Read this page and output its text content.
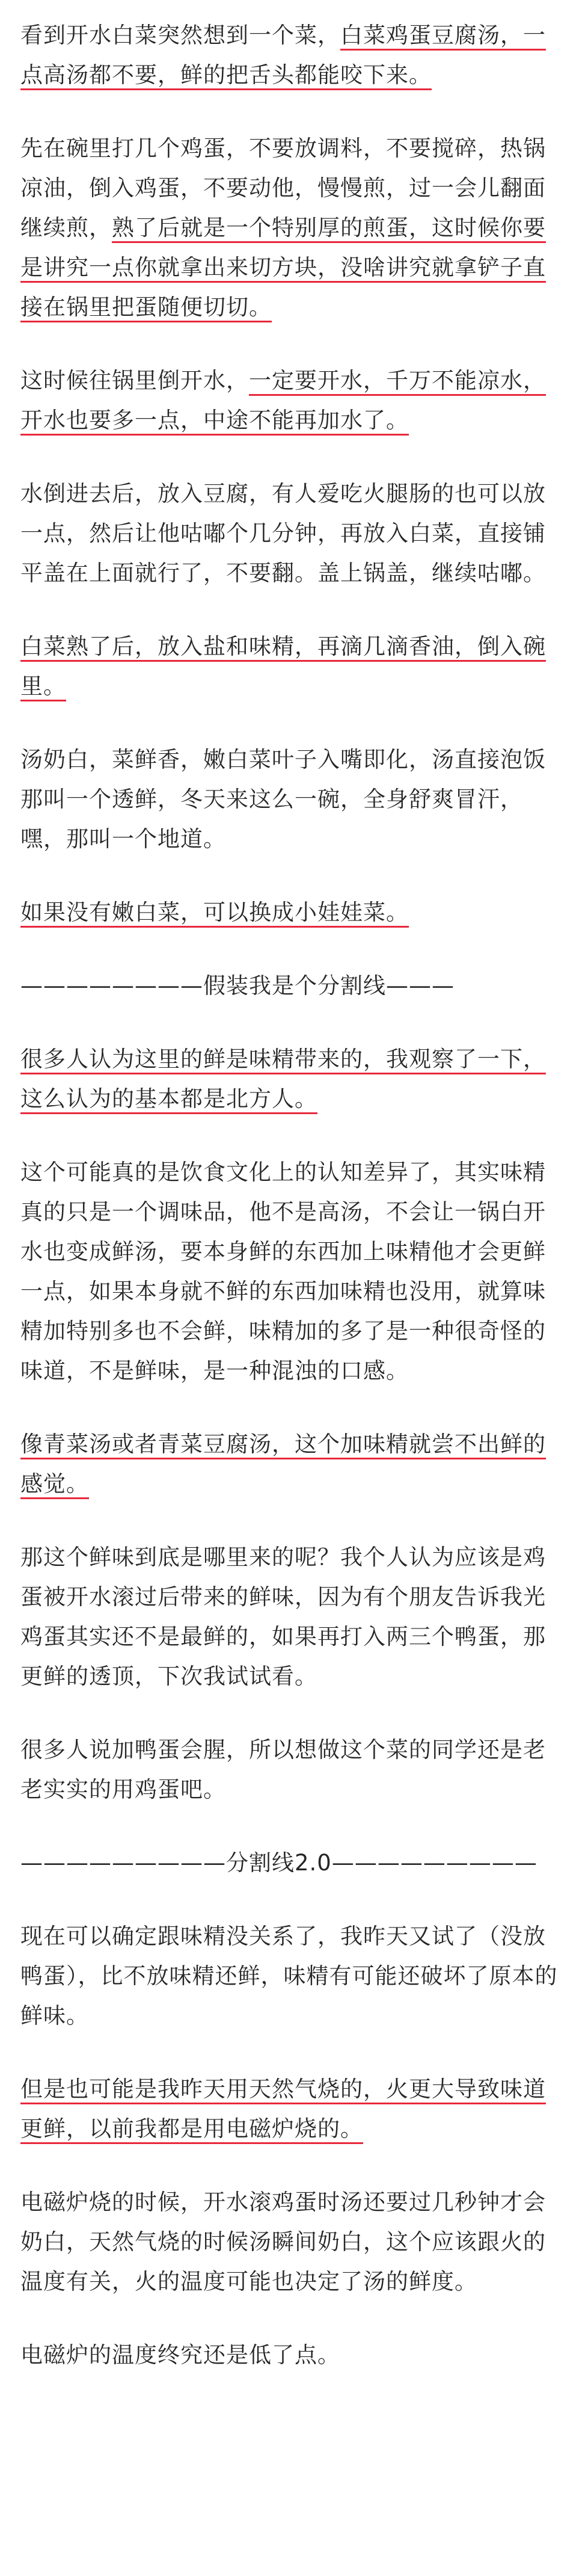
看到开水白菜突然想到一个菜，白菜鸡蛋豆腐汤，一点高汤都不要，鲜的把舌头都能咬下来。

先在碗里打几个鸡蛋，不要放调料，不要搅碎，热锅凉油，倒入鸡蛋，不要动他，慢慢煎，过一会儿翻面继续煎，熟了后就是一个特别厚的煎蛋，这时候你要是讲究一点你就拿出来切方块，没啥讲究就拿铲子直接在锅里把蛋随便切切。

这时候往锅里倒开水，一定要开水，千万不能凉水，开水也要多一点，中途不能再加水了。

水倒进去后，放入豆腐，有人爱吃火腿肠的也可以放一点，然后让他咕嘟个几分钟，再放入白菜，直接铺平盖在上面就行了，不要翻。盖上锅盖，继续咕嘟。

白菜熟了后，放入盐和味精，再滴几滴香油，倒入碗里。

汤奶白，菜鲜香，嫩白菜叶子入嘴即化，汤直接泡饭那叫一个透鲜，冬天来这么一碗，全身舒爽冒汗，嘿，那叫一个地道。

如果没有嫩白菜，可以换成小娃娃菜。

————————假装我是个分割线———

很多人认为这里的鲜是味精带来的，我观察了一下，这么认为的基本都是北方人。

这个可能真的是饮食文化上的认知差异了，其实味精真的只是一个调味品，他不是高汤，不会让一锅白开水也变成鲜汤，要本身鲜的东西加上味精他才会更鲜一点，如果本身就不鲜的东西加味精也没用，就算味精加特别多也不会鲜，味精加的多了是一种很奇怪的味道，不是鲜味，是一种混浊的口感。

像青菜汤或者青菜豆腐汤，这个加味精就尝不出鲜的感觉。

那这个鲜味到底是哪里来的呢？我个人认为应该是鸡蛋被开水滚过后带来的鲜味，因为有个朋友告诉我光鸡蛋其实还不是最鲜的，如果再打入两三个鸭蛋，那更鲜的透顶，下次我试试看。

很多人说加鸭蛋会腥，所以想做这个菜的同学还是老老实实的用鸡蛋吧。

—————————分割线2.0—————————

现在可以确定跟味精没关系了，我昨天又试了（没放鸭蛋），比不放味精还鲜，味精有可能还破坏了原本的鲜味。

但是也可能是我昨天用天然气烧的，火更大导致味道更鲜，以前我都是用电磁炉烧的。

电磁炉烧的时候，开水滚鸡蛋时汤还要过几秒钟才会奶白，天然气烧的时候汤瞬间奶白，这个应该跟火的温度有关，火的温度可能也决定了汤的鲜度。

电磁炉的温度终究还是低了点。
